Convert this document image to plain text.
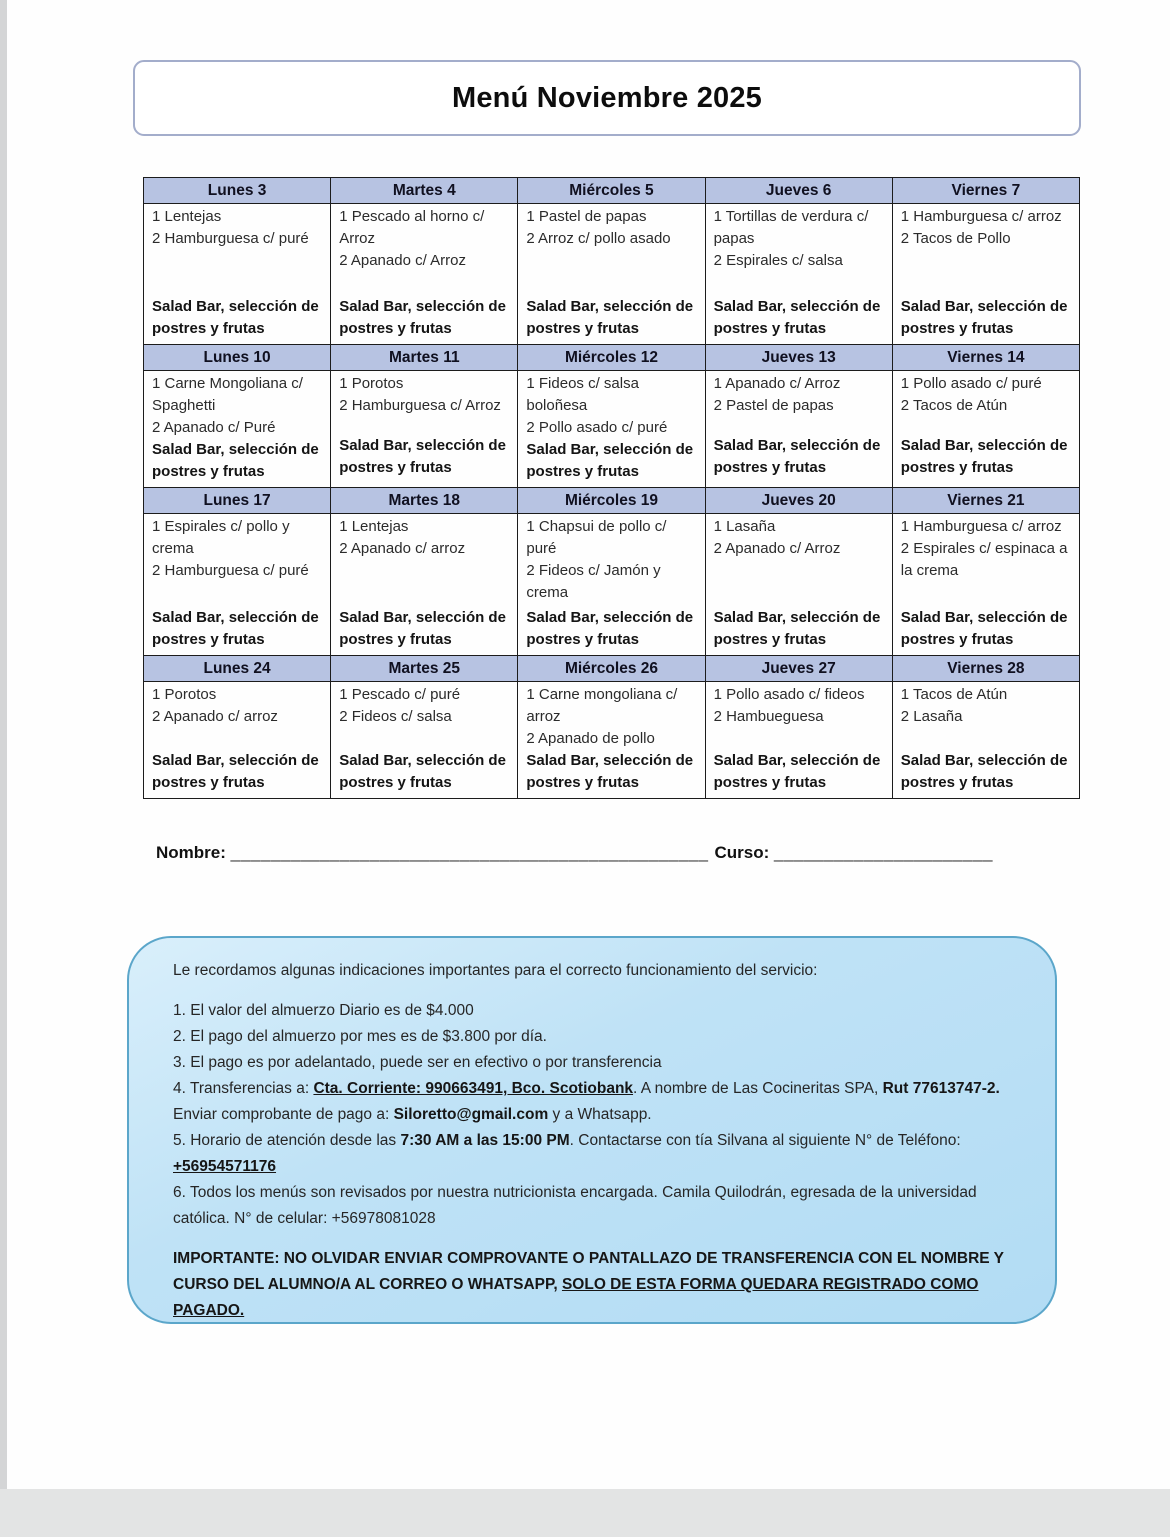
Menú Noviembre 2025
Lunes 3	Martes 4	Miércoles 5	Jueves 6	Viernes 7

1 Lentejas
2 Hamburguesa c/ puré
Salad Bar, selección de postres y frutas

1 Pescado al horno c/ Arroz
2 Apanado c/ Arroz
Salad Bar, selección de postres y frutas

1 Pastel de papas
2 Arroz c/ pollo asado
Salad Bar, selección de postres y frutas

1 Tortillas de verdura c/ papas
2 Espirales c/ salsa
Salad Bar, selección de postres y frutas

1 Hamburguesa c/ arroz
2 Tacos de Pollo
Salad Bar, selección de postres y frutas

Lunes 10	Martes 11	Miércoles 12	Jueves 13	Viernes 14

1 Carne Mongoliana c/ Spaghetti
2 Apanado c/ Puré
Salad Bar, selección de postres y frutas

1 Porotos
2 Hamburguesa c/ Arroz
Salad Bar, selección de postres y frutas

1 Fideos c/ salsa boloñesa
2 Pollo asado c/ puré
Salad Bar, selección de postres y frutas

1 Apanado c/ Arroz
2 Pastel de papas
Salad Bar, selección de postres y frutas

1 Pollo asado c/ puré
2 Tacos de Atún
Salad Bar, selección de postres y frutas

Lunes 17	Martes 18	Miércoles 19	Jueves 20	Viernes 21

1 Espirales c/ pollo y crema
2 Hamburguesa c/ puré
Salad Bar, selección de postres y frutas

1 Lentejas
2 Apanado c/ arroz
Salad Bar, selección de postres y frutas

1 Chapsui de pollo c/ puré
2 Fideos c/ Jamón y crema
Salad Bar, selección de postres y frutas

1 Lasaña
2 Apanado c/ Arroz
Salad Bar, selección de postres y frutas

1 Hamburguesa c/ arroz
2 Espirales c/ espinaca a la crema
Salad Bar, selección de postres y frutas

Lunes 24	Martes 25	Miércoles 26	Jueves 27	Viernes 28

1 Porotos
2 Apanado c/ arroz
Salad Bar, selección de postres y frutas

1 Pescado c/ puré
2 Fideos c/ salsa
Salad Bar, selección de postres y frutas

1 Carne mongoliana c/ arroz
2 Apanado de pollo
Salad Bar, selección de postres y frutas

1 Pollo asado c/ fideos
2 Hambueguesa
Salad Bar, selección de postres y frutas

1 Tacos de Atún
2 Lasaña
Salad Bar, selección de postres y frutas
Nombre: ________________________________________________ Curso: ______________________
Le recordamos algunas indicaciones importantes para el correcto funcionamiento del servicio:
1. El valor del almuerzo Diario es de $4.000
2. El pago del almuerzo por mes es de $3.800 por día.
3. El pago es por adelantado, puede ser en efectivo o por transferencia
4. Transferencias a: Cta. Corriente: 990663491, Bco. Scotiobank. A nombre de Las Cocineritas SPA, Rut 77613747-2.
Enviar comprobante de pago a: Siloretto@gmail.com y a Whatsapp.
5. Horario de atención desde las 7:30 AM a las 15:00 PM. Contactarse con tía Silvana al siguiente N° de Teléfono:
+56954571176
6. Todos los menús son revisados por nuestra nutricionista encargada. Camila Quilodrán, egresada de la universidad católica. N° de celular: +56978081028
IMPORTANTE: NO OLVIDAR ENVIAR COMPROVANTE O PANTALLAZO DE TRANSFERENCIA CON EL NOMBRE Y CURSO DEL ALUMNO/A AL CORREO O WHATSAPP, SOLO DE ESTA FORMA QUEDARA REGISTRADO COMO PAGADO.
